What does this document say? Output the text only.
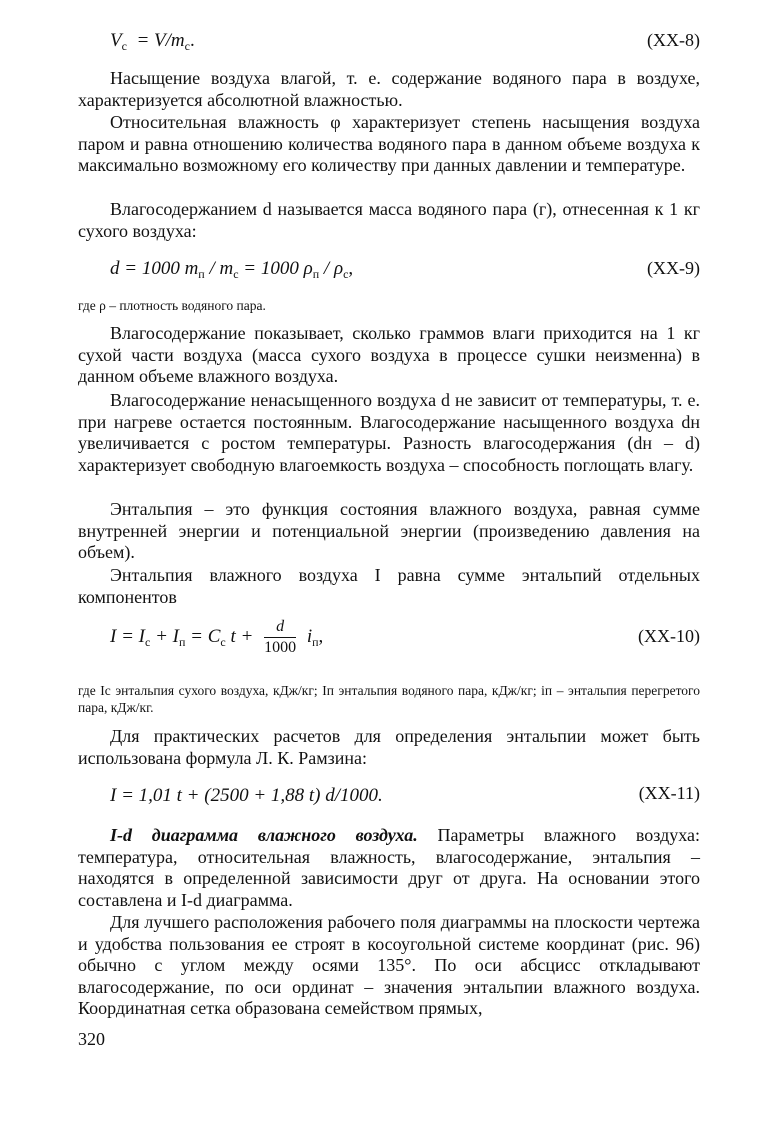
$V_с = V/m_с$.	(XX-8)
Насыщение воздуха влагой, т. е. содержание водяного пара в воздухе, характеризуется абсолютной влажностью.
Относительная влажность φ характеризует степень насыщения воздуха паром и равна отношению количества водяного пара в данном объеме воздуха к максимально возможному его количеству при данных давлении и температуре.
Влагосодержанием d называется масса водяного пара (г), отнесенная к 1 кг сухого воздуха:
d = 1000 $m_п / m_с = 1000$ $\rho_п / \rho_с$,	(XX-9)
где ρ – плотность водяного пара.
Влагосодержание показывает, сколько граммов влаги приходится на 1 кг сухой части воздуха (масса сухого воздуха в процессе сушки неизменна) в данном объеме влажного воздуха.
Влагосодержание ненасыщенного воздуха d не зависит от температуры, т. е. при нагреве остается постоянным. Влагосодержание насыщенного воздуха dн увеличивается с ростом температуры. Разность влагосодержания (dн – d) характеризует свободную влагоемкость воздуха – способность поглощать влагу.
Энтальпия – это функция состояния влажного воздуха, равная сумме внутренней энергии и потенциальной энергии (произведению давления на объем).
Энтальпия влажного воздуха I равна сумме энтальпий отдельных компонентов
$I = I_с + I_п = C_с$ $t + \frac{d}{1000} i_п$,	(XX-10)
где Iс энтальпия сухого воздуха, кДж/кг; Iп энтальпия водяного пара, кДж/кг; iп – энтальпия перегретого пара, кДж/кг.
Для практических расчетов для определения энтальпии может быть использована формула Л. К. Рамзина:
I = 1,01 t + (2500 + 1,88 t) d/1000.	(XX-11)
I-d диаграмма влажного воздуха. Параметры влажного воздуха: температура, относительная влажность, влагосодержание, энтальпия – находятся в определенной зависимости друг от друга. На основании этого составлена и I-d диаграмма.
Для лучшего расположения рабочего поля диаграммы на плоскости чертежа и удобства пользования ее строят в косоугольной системе координат (рис. 96) обычно с углом между осями 135°. По оси абсцисс откладывают влагосодержание, по оси ординат – значения энтальпии влажного воздуха. Координатная сетка образована семейством прямых,
320
